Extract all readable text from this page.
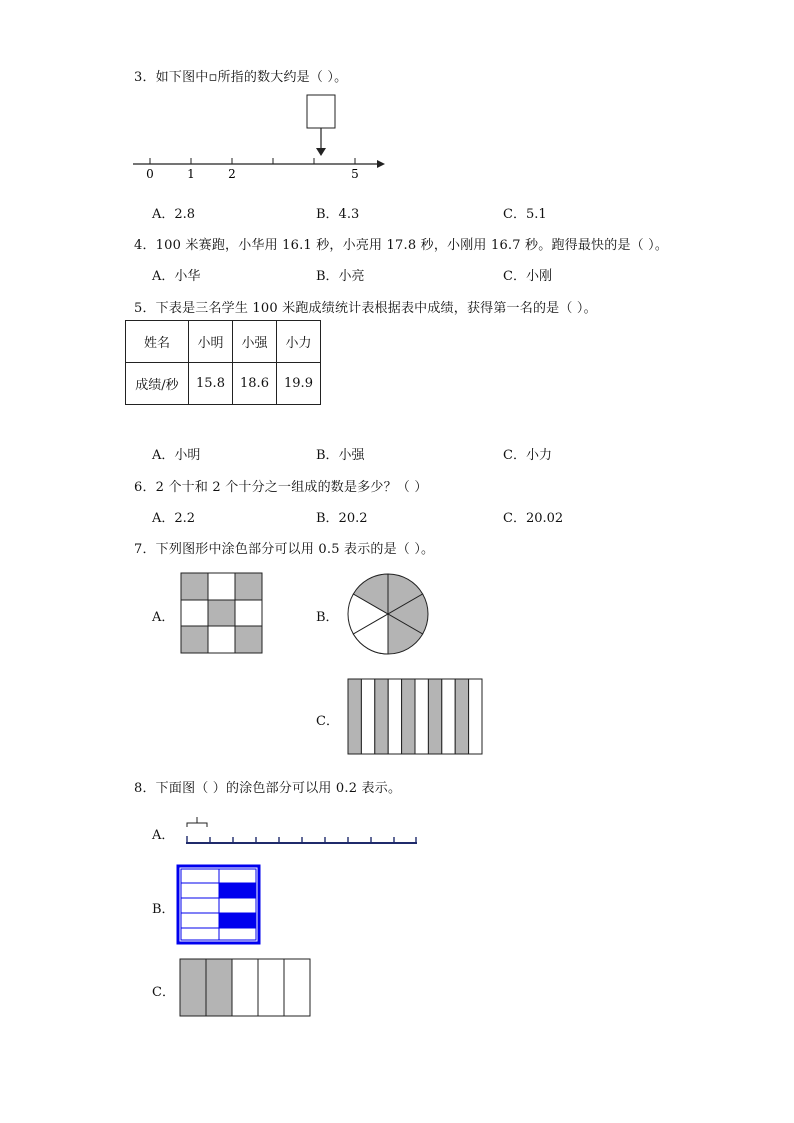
3．如下图中▫所指的数大约是（ ）。
0	1	2	5
A．2.8	B．4.3	C．5.1
4．100 米赛跑，小华用 16.1 秒，小亮用 17.8 秒，小刚用 16.7 秒。跑得最快的是（ ）。
A．小华	B．小亮	C．小刚
5．下表是三名学生 100 米跑成绩统计表根据表中成绩，获得第一名的是（ ）。
姓名	小明	小强	小力
成绩/秒	15.8	18.6	19.9
A．小明	B．小强	C．小力
6．2 个十和 2 个十分之一组成的数是多少？（ ）
A．2.2	B．20.2	C．20.02
7．下列图形中涂色部分可以用 0.5 表示的是（ ）。
A．	B．
C．
8．下面图（ ）的涂色部分可以用 0.2 表示。
A．
B．
C．
